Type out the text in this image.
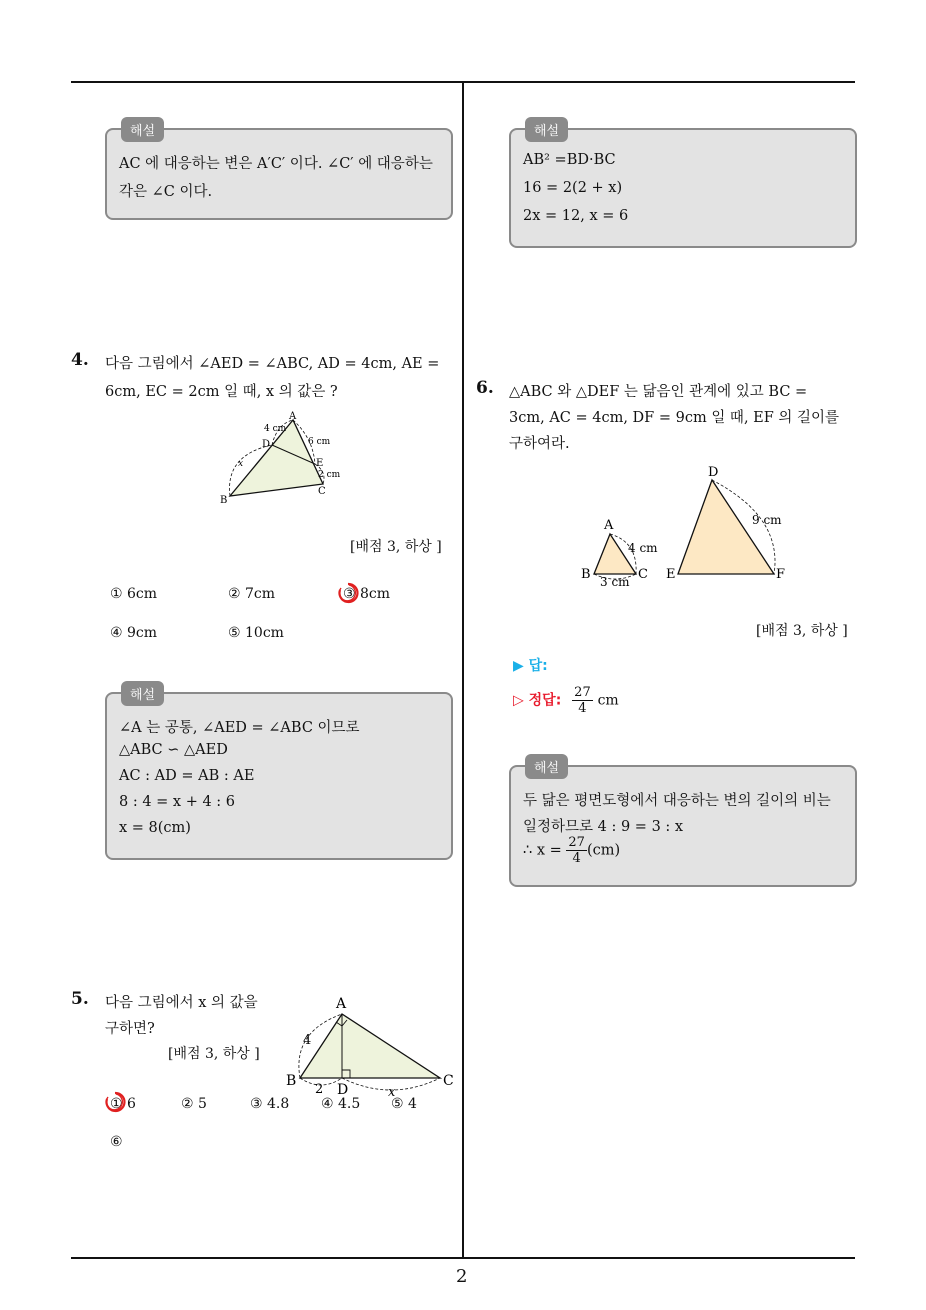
2
해설
AC 에 대응하는 변은 A′C′ 이다. ∠C′ 에 대응하는
각은 ∠C 이다.
4. 다음 그림에서 ∠AED = ∠ABC, AD = 4cm, AE =
6cm, EC = 2cm 일 때, x 의 값은 ?
A
B
C
D
E
4 cm
6 cm
2 cm
x
[배점 3, 하상 ]
① 6cm	② 7cm	③ 8cm
④ 9cm	⑤ 10cm
해설
∠A 는 공통, ∠AED = ∠ABC 이므로
△ABC ∽ △AED
AC : AD = AB : AE
8 : 4 = x + 4 : 6
x = 8(cm)
5. 다음 그림에서 x 의 값을
구하면?
[배점 3, 하상 ]
A
B	C
D
4
2	x
① 6	② 5	③ 4.8 ④ 4.5 ⑤ 4
⑥
해설
AB² =BD·BC
16 = 2(2 + x)
2x = 12, x = 6
6. △ABC 와 △DEF 는 닮음인 관계에 있고 BC =
3cm, AC = 4cm, DF = 9cm 일 때, EF 의 길이를
구하여라.
A
B	C
4 cm
3 cm
D
E	F
9 cm
[배점 3, 하상 ]
▶ 답:
▷ 정답: $\frac{27}{4}$ cm
해설
두 닮은 평면도형에서 대응하는 변의 길이의 비는
일정하므로 4 : 9 = 3 : x
∴ $x = \frac{27}{4} (cm)$
